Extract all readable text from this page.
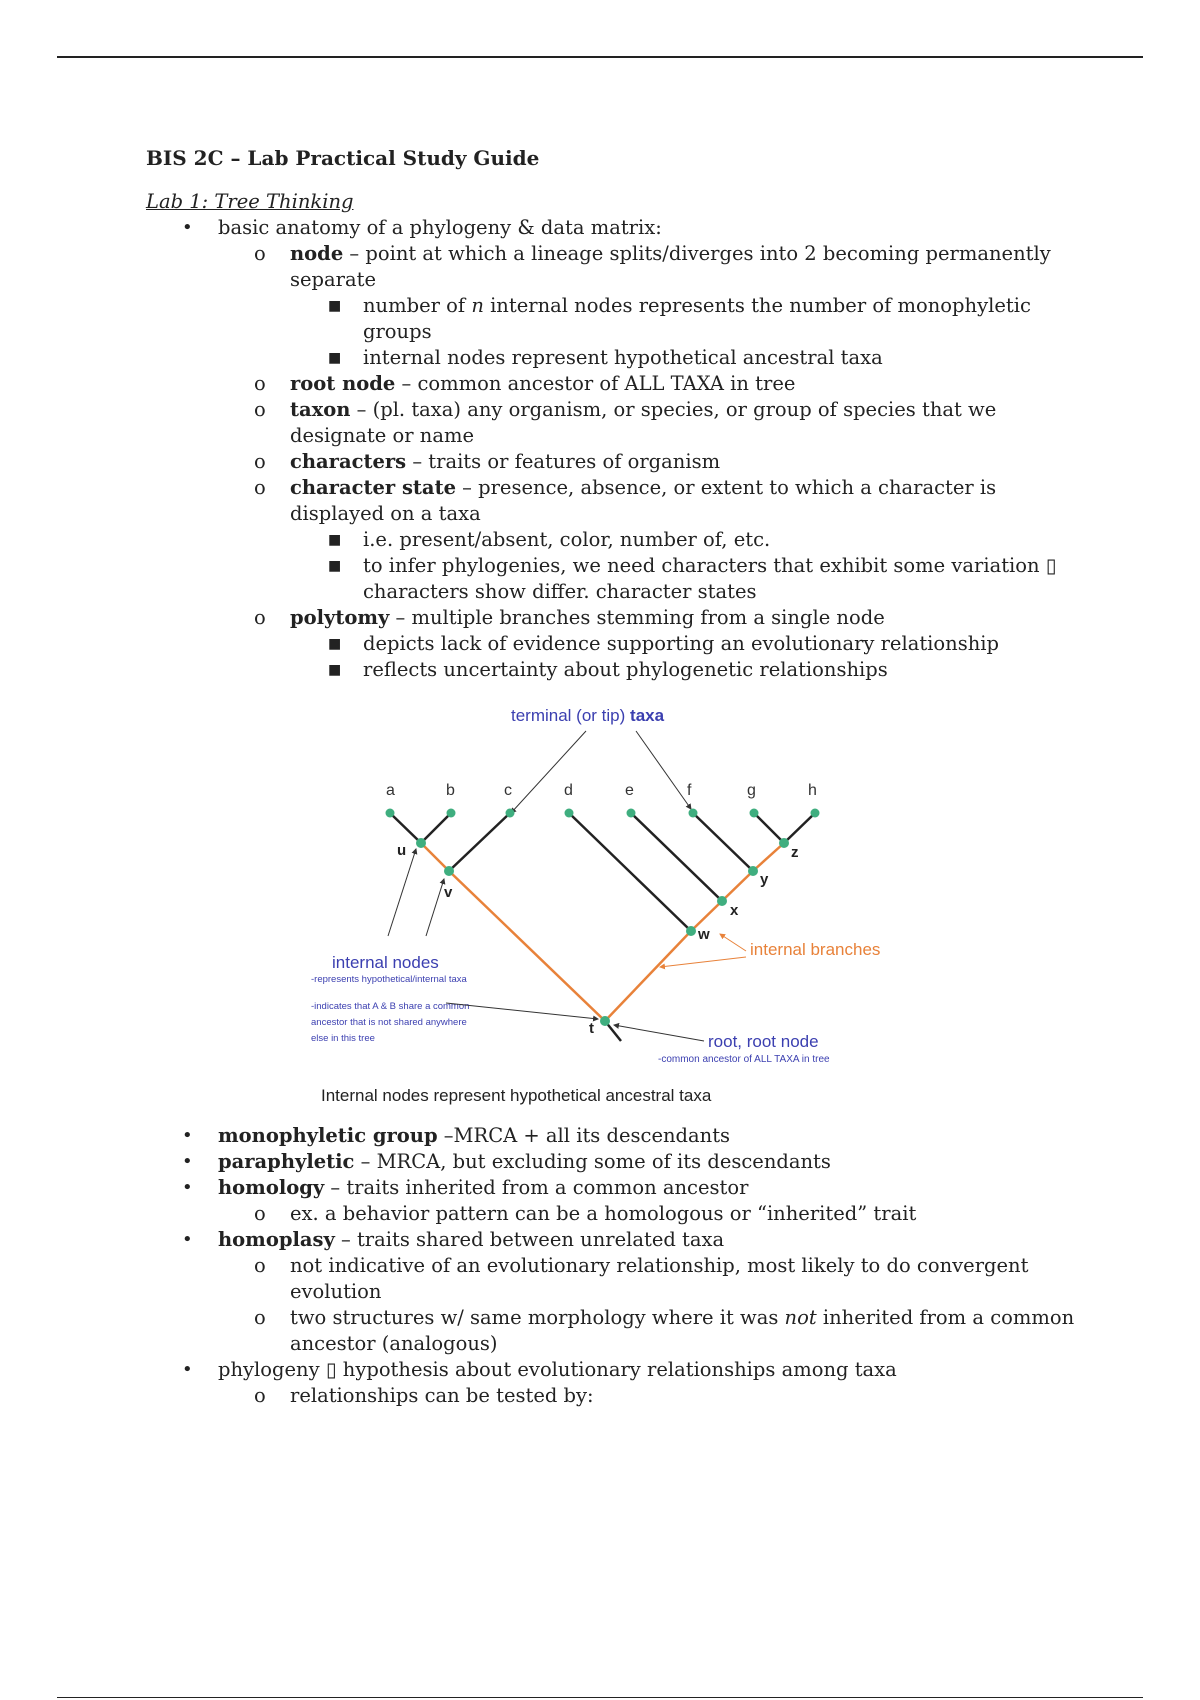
BIS 2C – Lab Practical Study Guide

Lab 1: Tree Thinking

• basic anatomy of a phylogeny & data matrix:

o node – point at which a lineage splits/diverges into 2 becoming permanently separate

■ number of n internal nodes represents the number of monophyletic groups

■ internal nodes represent hypothetical ancestral taxa

o root node – common ancestor of ALL TAXA in tree

o taxon – (pl. taxa) any organism, or species, or group of species that we designate or name

o characters – traits or features of organism

o character state – presence, absence, or extent to which a character is displayed on a taxa

■ i.e. present/absent, color, number of, etc.

■ to infer phylogenies, we need characters that exhibit some variation ▯ characters show differ. character states

o polytomy – multiple branches stemming from a single node

■ depicts lack of evidence supporting an evolutionary relationship

■ reflects uncertainty about phylogenetic relationships

terminal (or tip) taxa
a	b	c	d	e	f	g	h
u
v
w
x
y
z
t
internal nodes
-represents hypothetical/internal taxa
-indicates that A & B share a common
ancestor that is not shared anywhere
else in this tree
internal branches
root, root node
-common ancestor of ALL TAXA in tree
Internal nodes represent hypothetical ancestral taxa

• monophyletic group –MRCA + all its descendants

• paraphyletic – MRCA, but excluding some of its descendants

• homology – traits inherited from a common ancestor

o ex. a behavior pattern can be a homologous or “inherited” trait

• homoplasy – traits shared between unrelated taxa

o not indicative of an evolutionary relationship, most likely to do convergent evolution

o two structures w/ same morphology where it was not inherited from a common ancestor (analogous)

• phylogeny ▯ hypothesis about evolutionary relationships among taxa

o relationships can be tested by:
